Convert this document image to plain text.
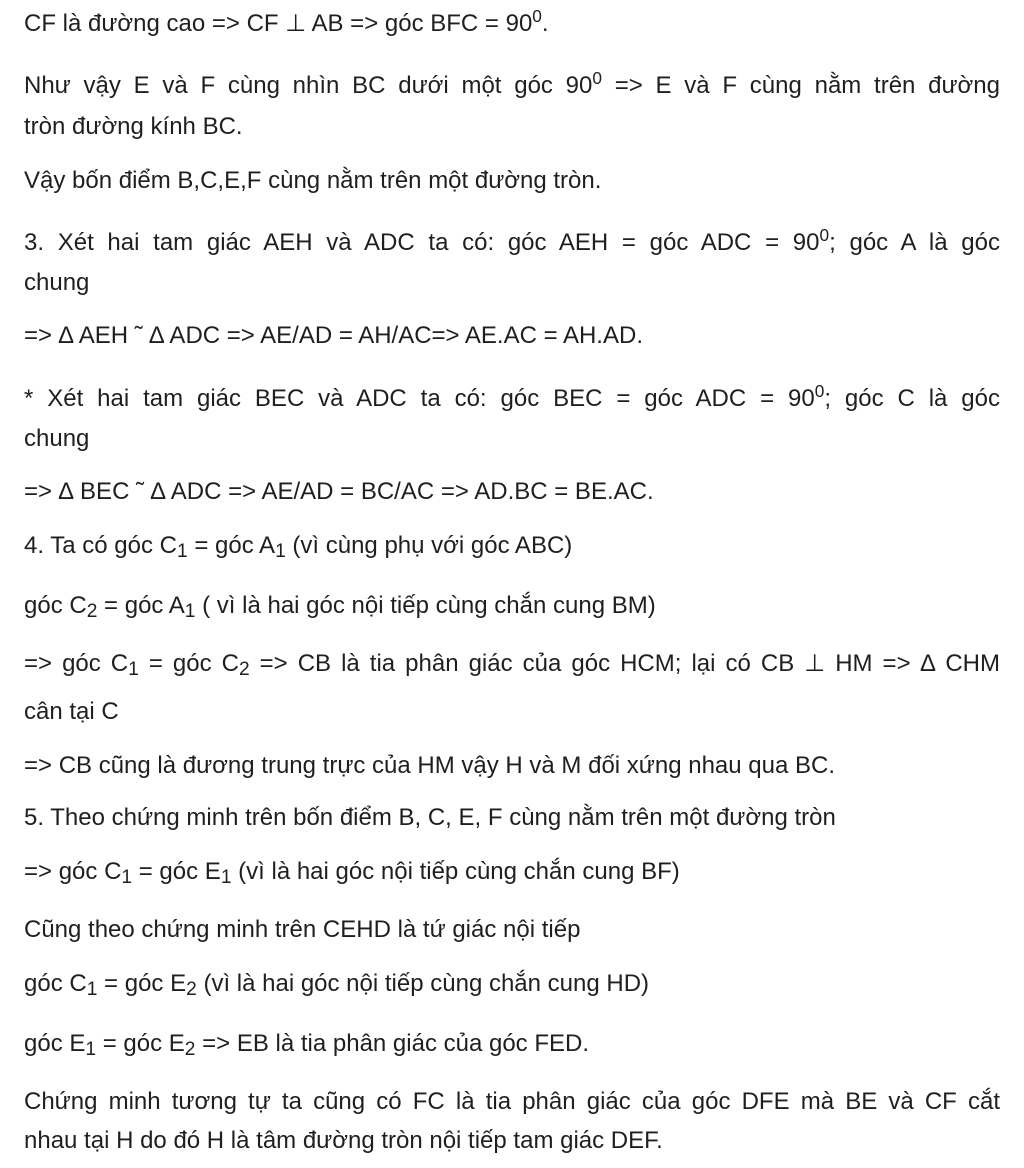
CF là đường cao => CF ⊥ AB => góc BFC = $90^0$.
Như vậy E và F cùng nhìn BC dưới một góc $90^0 => E$ và F cùng nằm trên đường
tròn đường kính BC.
Vậy bốn điểm B,C,E,F cùng nằm trên một đường tròn.
3. Xét hai tam giác AEH và ADC ta có: góc AEH = góc ADC = $90^0$; góc A là góc
chung
=> ∆ AEH ˜ ∆ ADC => AE/AD = AH/AC=> AE.AC = AH.AD.
* Xét hai tam giác BEC và ADC ta có: góc BEC = góc ADC = $90^0$; góc C là góc
chung
=> ∆ BEC ˜ ∆ ADC => AE/AD = BC/AC => AD.BC = BE.AC.
4. Ta có góc C1 = góc A1 (vì cùng phụ với góc ABC)
góc C2 = góc A1 ( vì là hai góc nội tiếp cùng chắn cung BM)
=> góc C1 = góc C2 => CB là tia phân giác của góc HCM; lại có CB ⊥ HM => ∆ CHM
cân tại C
=> CB cũng là đương trung trực của HM vậy H và M đối xứng nhau qua BC.
5. Theo chứng minh trên bốn điểm B, C, E, F cùng nằm trên một đường tròn
=> góc C1 = góc E1 (vì là hai góc nội tiếp cùng chắn cung BF)
Cũng theo chứng minh trên CEHD là tứ giác nội tiếp
góc C1 = góc E2 (vì là hai góc nội tiếp cùng chắn cung HD)
góc E1 = góc E2 => EB là tia phân giác của góc FED.
Chứng minh tương tự ta cũng có FC là tia phân giác của góc DFE mà BE và CF cắt
nhau tại H do đó H là tâm đường tròn nội tiếp tam giác DEF.
